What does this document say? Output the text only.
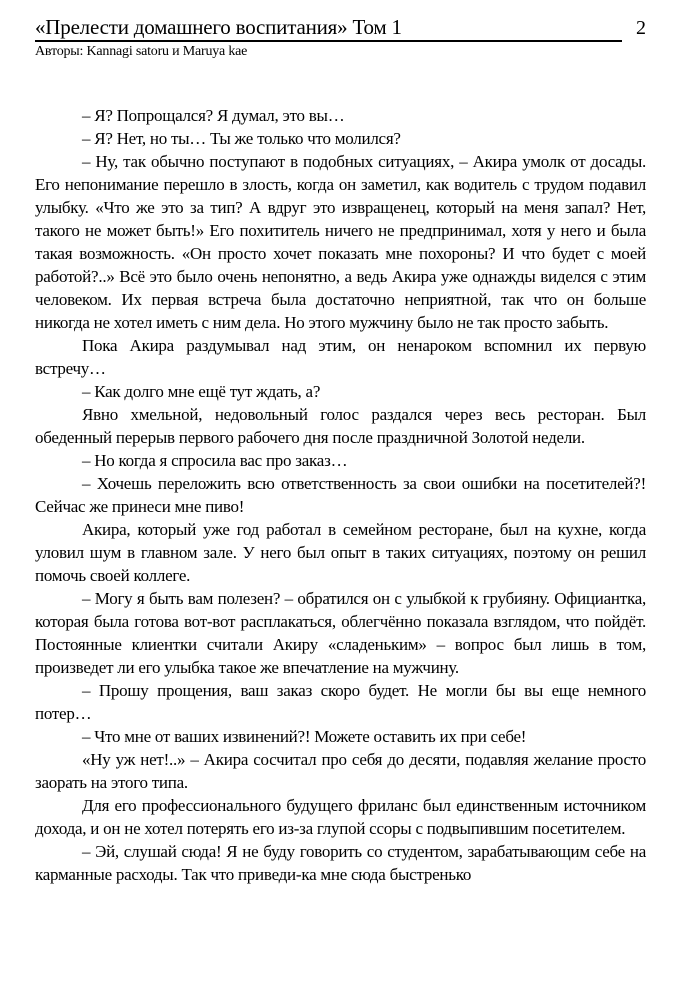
«Прелести домашнего воспитания» Том 1	2
Авторы: Kannagi satoru и Maruya kae

– Я? Попрощался? Я думал, это вы…

– Я? Нет, но ты… Ты же только что молился?

– Ну, так обычно поступают в подобных ситуациях, – Акира умолк от досады. Его непонимание перешло в злость, когда он заметил, как водитель с трудом подавил улыбку. «Что же это за тип? А вдруг это извращенец, который на меня запал? Нет, такого не может быть!» Его похититель ничего не предпринимал, хотя у него и была такая возможность. «Он просто хочет показать мне похороны? И что будет с моей работой?..» Всё это было очень непонятно, а ведь Акира уже однажды виделся с этим человеком. Их первая встреча была достаточно неприятной, так что он больше никогда не хотел иметь с ним дела. Но этого мужчину было не так просто забыть.

Пока Акира раздумывал над этим, он ненароком вспомнил их первую встречу…

– Как долго мне ещё тут ждать, а?

Явно хмельной, недовольный голос раздался через весь ресторан. Был обеденный перерыв первого рабочего дня после праздничной Золотой недели.

– Но когда я спросила вас про заказ…

– Хочешь переложить всю ответственность за свои ошибки на посетителей?! Сейчас же принеси мне пиво!

Акира, который уже год работал в семейном ресторане, был на кухне, когда уловил шум в главном зале. У него был опыт в таких ситуациях, поэтому он решил помочь своей коллеге.

– Могу я быть вам полезен? – обратился он с улыбкой к грубияну. Официантка, которая была готова вот-вот расплакаться, облегчённо показала взглядом, что пойдёт. Постоянные клиентки считали Акиру «сладеньким» – вопрос был лишь в том, произведет ли его улыбка такое же впечатление на мужчину.

– Прошу прощения, ваш заказ скоро будет. Не могли бы вы еще немного потер…

– Что мне от ваших извинений?! Можете оставить их при себе!

«Ну уж нет!..» – Акира сосчитал про себя до десяти, подавляя желание просто заорать на этого типа.

Для его профессионального будущего фриланс был единственным источником дохода, и он не хотел потерять его из-за глупой ссоры с подвыпившим посетителем.

– Эй, слушай сюда! Я не буду говорить со студентом, зарабатывающим себе на карманные расходы. Так что приведи-ка мне сюда быстренько
